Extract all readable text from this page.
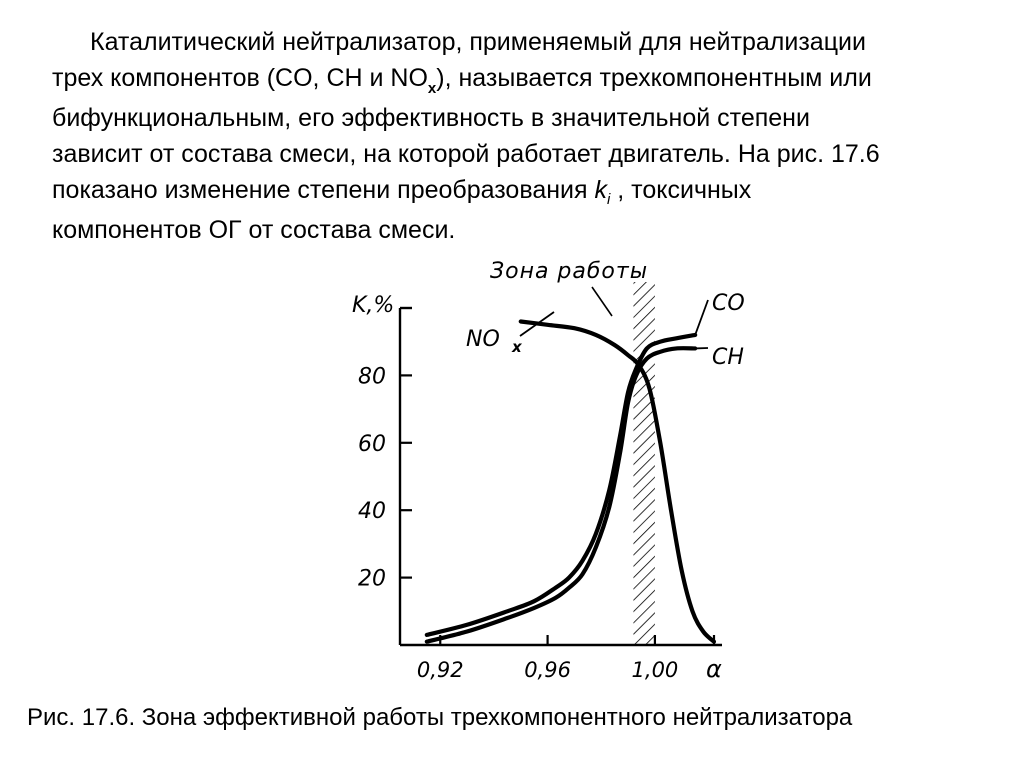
Каталитический нейтрализатор, применяемый для нейтрализации

трех компонентов (CO, CH и $NO_x$), называется трехкомпонентным или

бифункциональным, его эффективность в значительной степени

зависит от состава смеси, на которой работает двигатель. На рис. 17.6

показано изменение степени преобразования $k_i$ , токсичных

компонентов ОГ от состава смеси.

Зона работы
20
40
60
80
0,92	0,96	1,00
K,%
α
CO
CH
NO x
Рис. 17.6. Зона эффективной работы трехкомпонентного нейтрализатора
